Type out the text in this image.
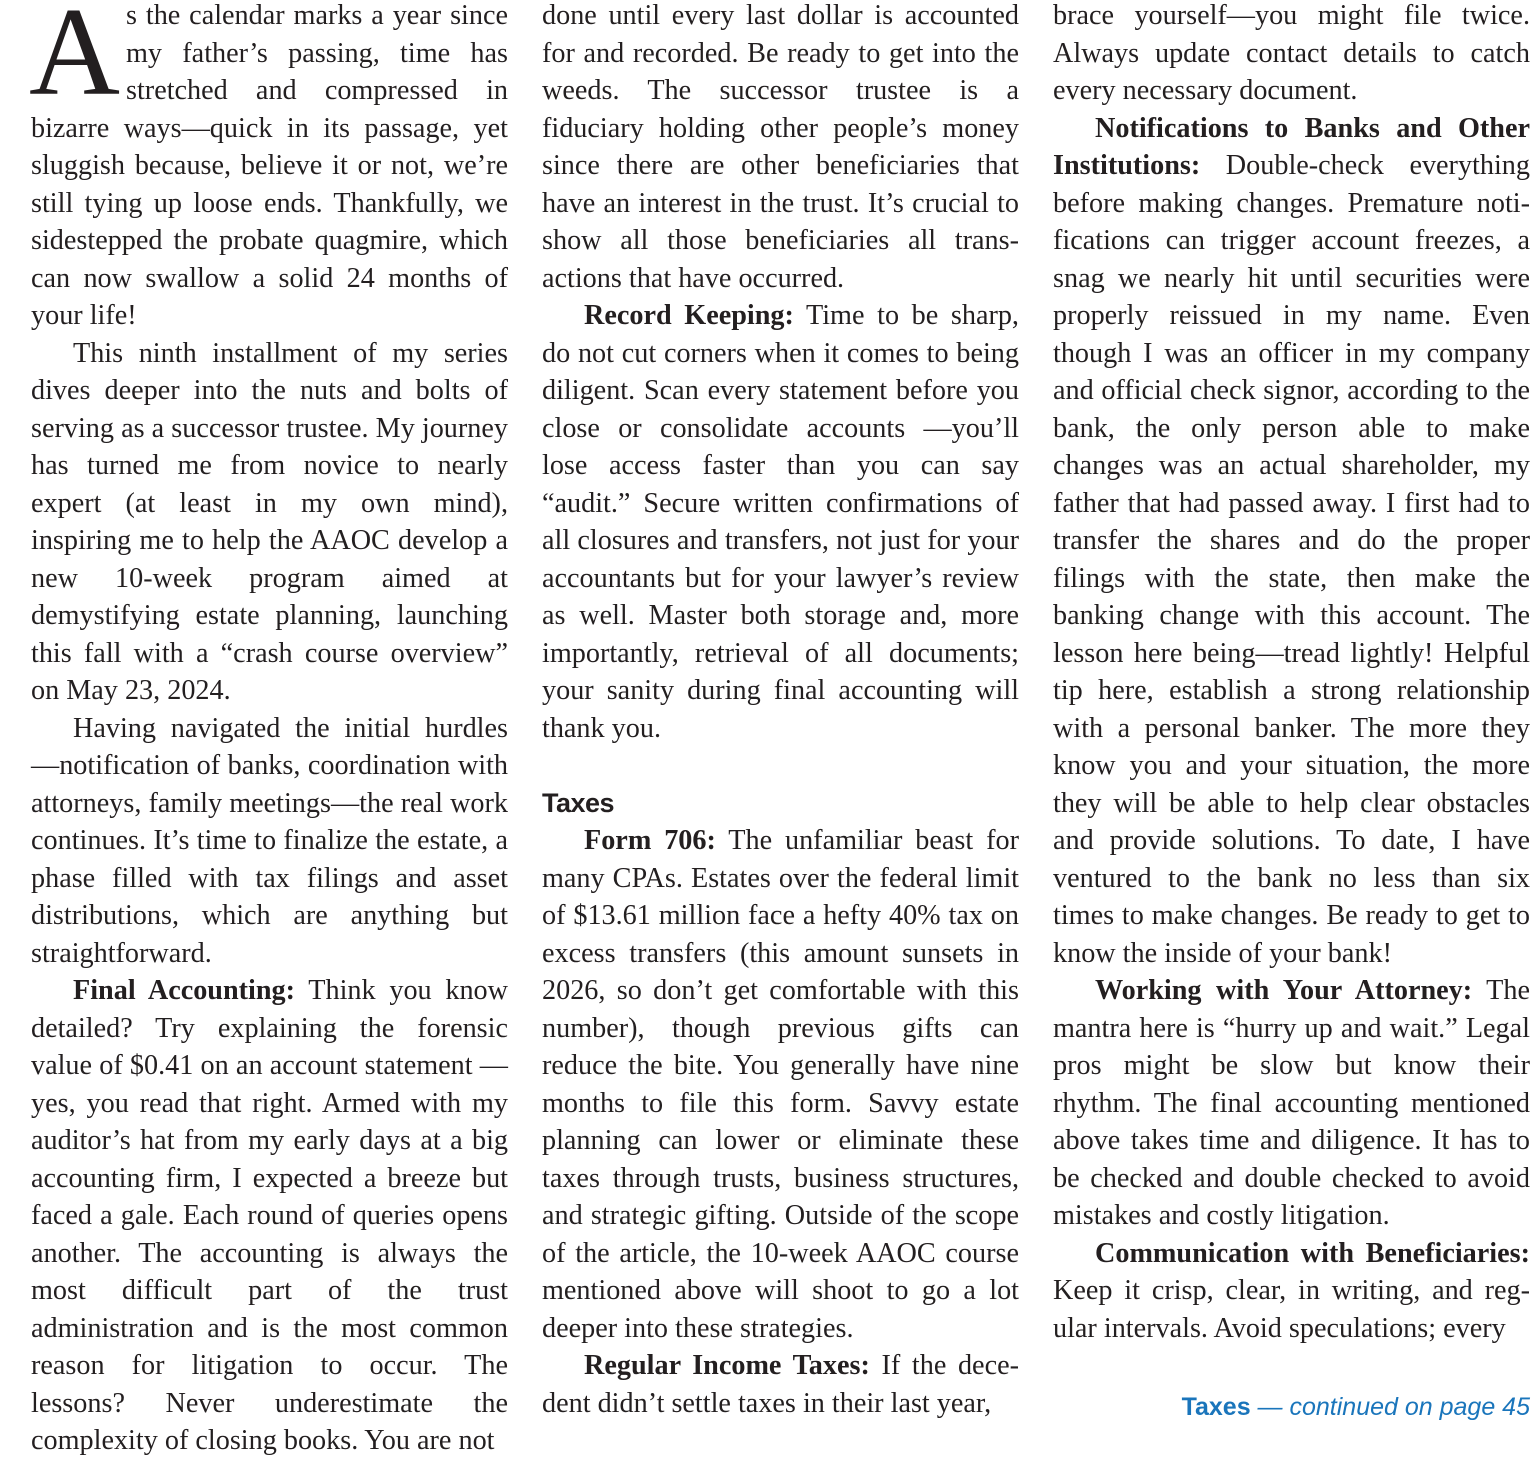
As the calendar marks a year since my father’s passing, time has stretched and compressed in bizarre ways—quick in its passage, yet sluggish because, believe it or not, we’re still tying up loose ends. Thankfully, we sidestepped the probate quagmire, which can now swallow a solid 24 months of your life!

This ninth installment of my series dives deeper into the nuts and bolts of serving as a successor trustee. My journey has turned me from novice to nearly expert (at least in my own mind), inspiring me to help the AAOC develop a new 10-week program aimed at demystifying estate planning, launching this fall with a “crash course overview” on May 23, 2024.

Having navigated the initial hurdles —notification of banks, coordination with attorneys, family meetings—the real work continues. It’s time to finalize the estate, a phase filled with tax filings and asset distributions, which are anything but straightforward.

Final Accounting: Think you know detailed? Try explaining the forensic value of $0.41 on an account statement —yes, you read that right. Armed with my auditor’s hat from my early days at a big accounting firm, I expected a breeze but faced a gale. Each round of queries opens another. The accounting is always the most difficult part of the trust administration and is the most common reason for litigation to occur. The lessons? Never underestimate the complexity of closing books. You are not

done until every last dollar is accounted for and recorded. Be ready to get into the weeds. The successor trustee is a fiduciary holding other people’s money since there are other beneficiaries that have an interest in the trust. It’s crucial to show all those beneficiaries all transactions that have occurred.

Record Keeping: Time to be sharp, do not cut corners when it comes to being diligent. Scan every statement before you close or consolidate accounts —you’ll lose access faster than you can say “audit.” Secure written confirmations of all closures and transfers, not just for your accountants but for your lawyer’s review as well. Master both storage and, more importantly, retrieval of all documents; your sanity during final accounting will thank you.

Taxes

Form 706: The unfamiliar beast for many CPAs. Estates over the federal limit of $13.61 million face a hefty 40% tax on excess transfers (this amount sunsets in 2026, so don’t get comfortable with this number), though previous gifts can reduce the bite. You generally have nine months to file this form. Savvy estate planning can lower or eliminate these taxes through trusts, business structures, and strategic gifting. Outside of the scope of the article, the 10-week AAOC course mentioned above will shoot to go a lot deeper into these strategies.

Regular Income Taxes: If the decedent didn’t settle taxes in their last year,

brace yourself—you might file twice. Always update contact details to catch every necessary document.

Notifications to Banks and Other Institutions: Double-check everything before making changes. Premature notifications can trigger account freezes, a snag we nearly hit until securities were properly reissued in my name. Even though I was an officer in my company and official check signor, according to the bank, the only person able to make changes was an actual shareholder, my father that had passed away. I first had to transfer the shares and do the proper filings with the state, then make the banking change with this account. The lesson here being—tread lightly! Helpful tip here, establish a strong relationship with a personal banker. The more they know you and your situation, the more they will be able to help clear obstacles and provide solutions. To date, I have ventured to the bank no less than six times to make changes. Be ready to get to know the inside of your bank!

Working with Your Attorney: The mantra here is “hurry up and wait.” Legal pros might be slow but know their rhythm. The final accounting mentioned above takes time and diligence. It has to be checked and double checked to avoid mistakes and costly litigation.

Communication with Beneficiaries: Keep it crisp, clear, in writing, and regular intervals. Avoid speculations; every

Taxes — continued on page 45
